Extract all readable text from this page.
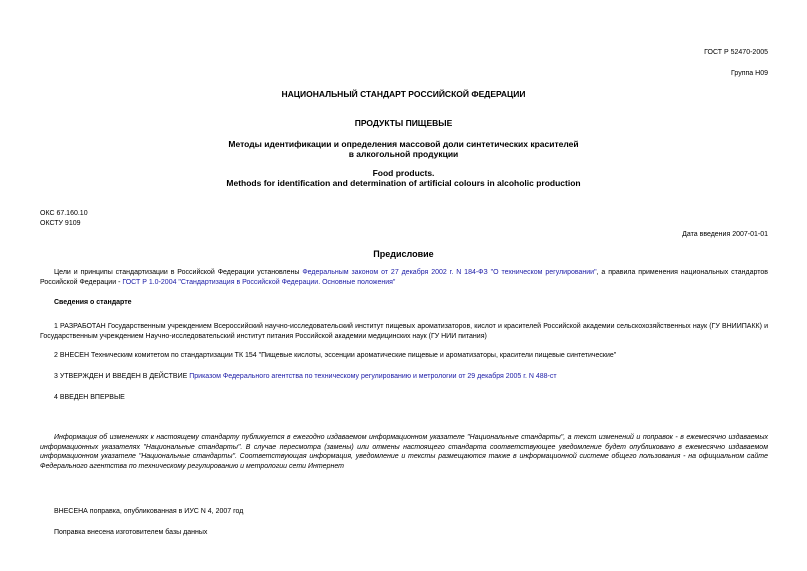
ГОСТ Р 52470-2005
Группа Н09
НАЦИОНАЛЬНЫЙ СТАНДАРТ РОССИЙСКОЙ ФЕДЕРАЦИИ
ПРОДУКТЫ ПИЩЕВЫЕ
Методы идентификации и определения массовой доли синтетических красителей
в алкогольной продукции
Food products.
Methods for identification and determination of artificial colours in alcoholic production
ОКС 67.160.10
ОКСТУ 9109
Дата введения 2007-01-01
Предисловие
Цели и принципы стандартизации в Российской Федерации установлены Федеральным законом от 27 декабря 2002 г. N 184-ФЗ "О техническом регулировании", а правила применения национальных стандартов Российской Федерации - ГОСТ Р 1.0-2004 "Стандартизация в Российской Федерации. Основные положения"
Сведения о стандарте
1 РАЗРАБОТАН Государственным учреждением Всероссийский научно-исследовательский институт пищевых ароматизаторов, кислот и красителей Российской академии сельскохозяйственных наук (ГУ ВНИИПАКК) и Государственным учреждением Научно-исследовательский институт питания Российской академии медицинских наук (ГУ НИИ питания)
2 ВНЕСЕН Техническим комитетом по стандартизации ТК 154 "Пищевые кислоты, эссенции ароматические пищевые и ароматизаторы, красители пищевые синтетические"
3 УТВЕРЖДЕН И ВВЕДЕН В ДЕЙСТВИЕ Приказом Федерального агентства по техническому регулированию и метрологии от 29 декабря 2005 г. N 488-ст
4 ВВЕДЕН ВПЕРВЫЕ
Информация об изменениях к настоящему стандарту публикуется в ежегодно издаваемом информационном указателе "Национальные стандарты", а текст изменений и поправок - в ежемесячно издаваемых информационных указателях "Национальные стандарты". В случае пересмотра (замены) или отмены настоящего стандарта соответствующее уведомление будет опубликовано в ежемесячно издаваемом информационном указателе "Национальные стандарты". Соответствующая информация, уведомление и тексты размещаются также в информационной системе общего пользования - на официальном сайте Федерального агентства по техническому регулированию и метрологии сети Интернет
ВНЕСЕНА поправка, опубликованная в ИУС N 4, 2007 год
Поправка внесена изготовителем базы данных
